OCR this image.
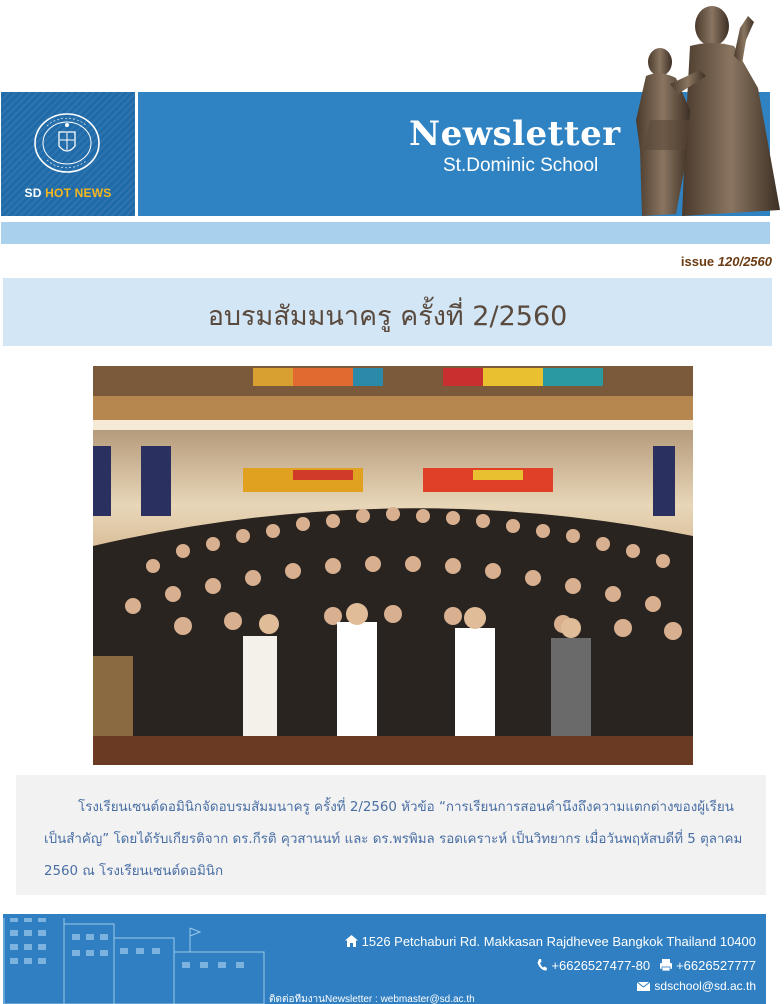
SD HOT NEWS
Newsletter
St.Dominic School
issue 120/2560
อบรมสัมมนาครู ครั้งที่ 2/2560
โรงเรียนเซนต์ดอมินิกจัดอบรมสัมมนาครู ครั้งที่ 2/2560 หัวข้อ “การเรียนการสอนคำนึงถึงความแตกต่างของผู้เรียนเป็นสำคัญ” โดยได้รับเกียรติจาก ดร.กีรติ คุวสานนท์ และ ดร.พรพิมล รอดเคราะห์ เป็นวิทยากร เมื่อวันพฤหัสบดีที่ 5 ตุลาคม 2560 ณ โรงเรียนเซนต์ดอมินิก
1526 Petchaburi Rd. Makkasan Rajdhevee Bangkok Thailand 10400
+6626527477-80 +6626527777
sdschool@sd.ac.th
ติดต่อทีมงานNewsletter : webmaster@sd.ac.th
